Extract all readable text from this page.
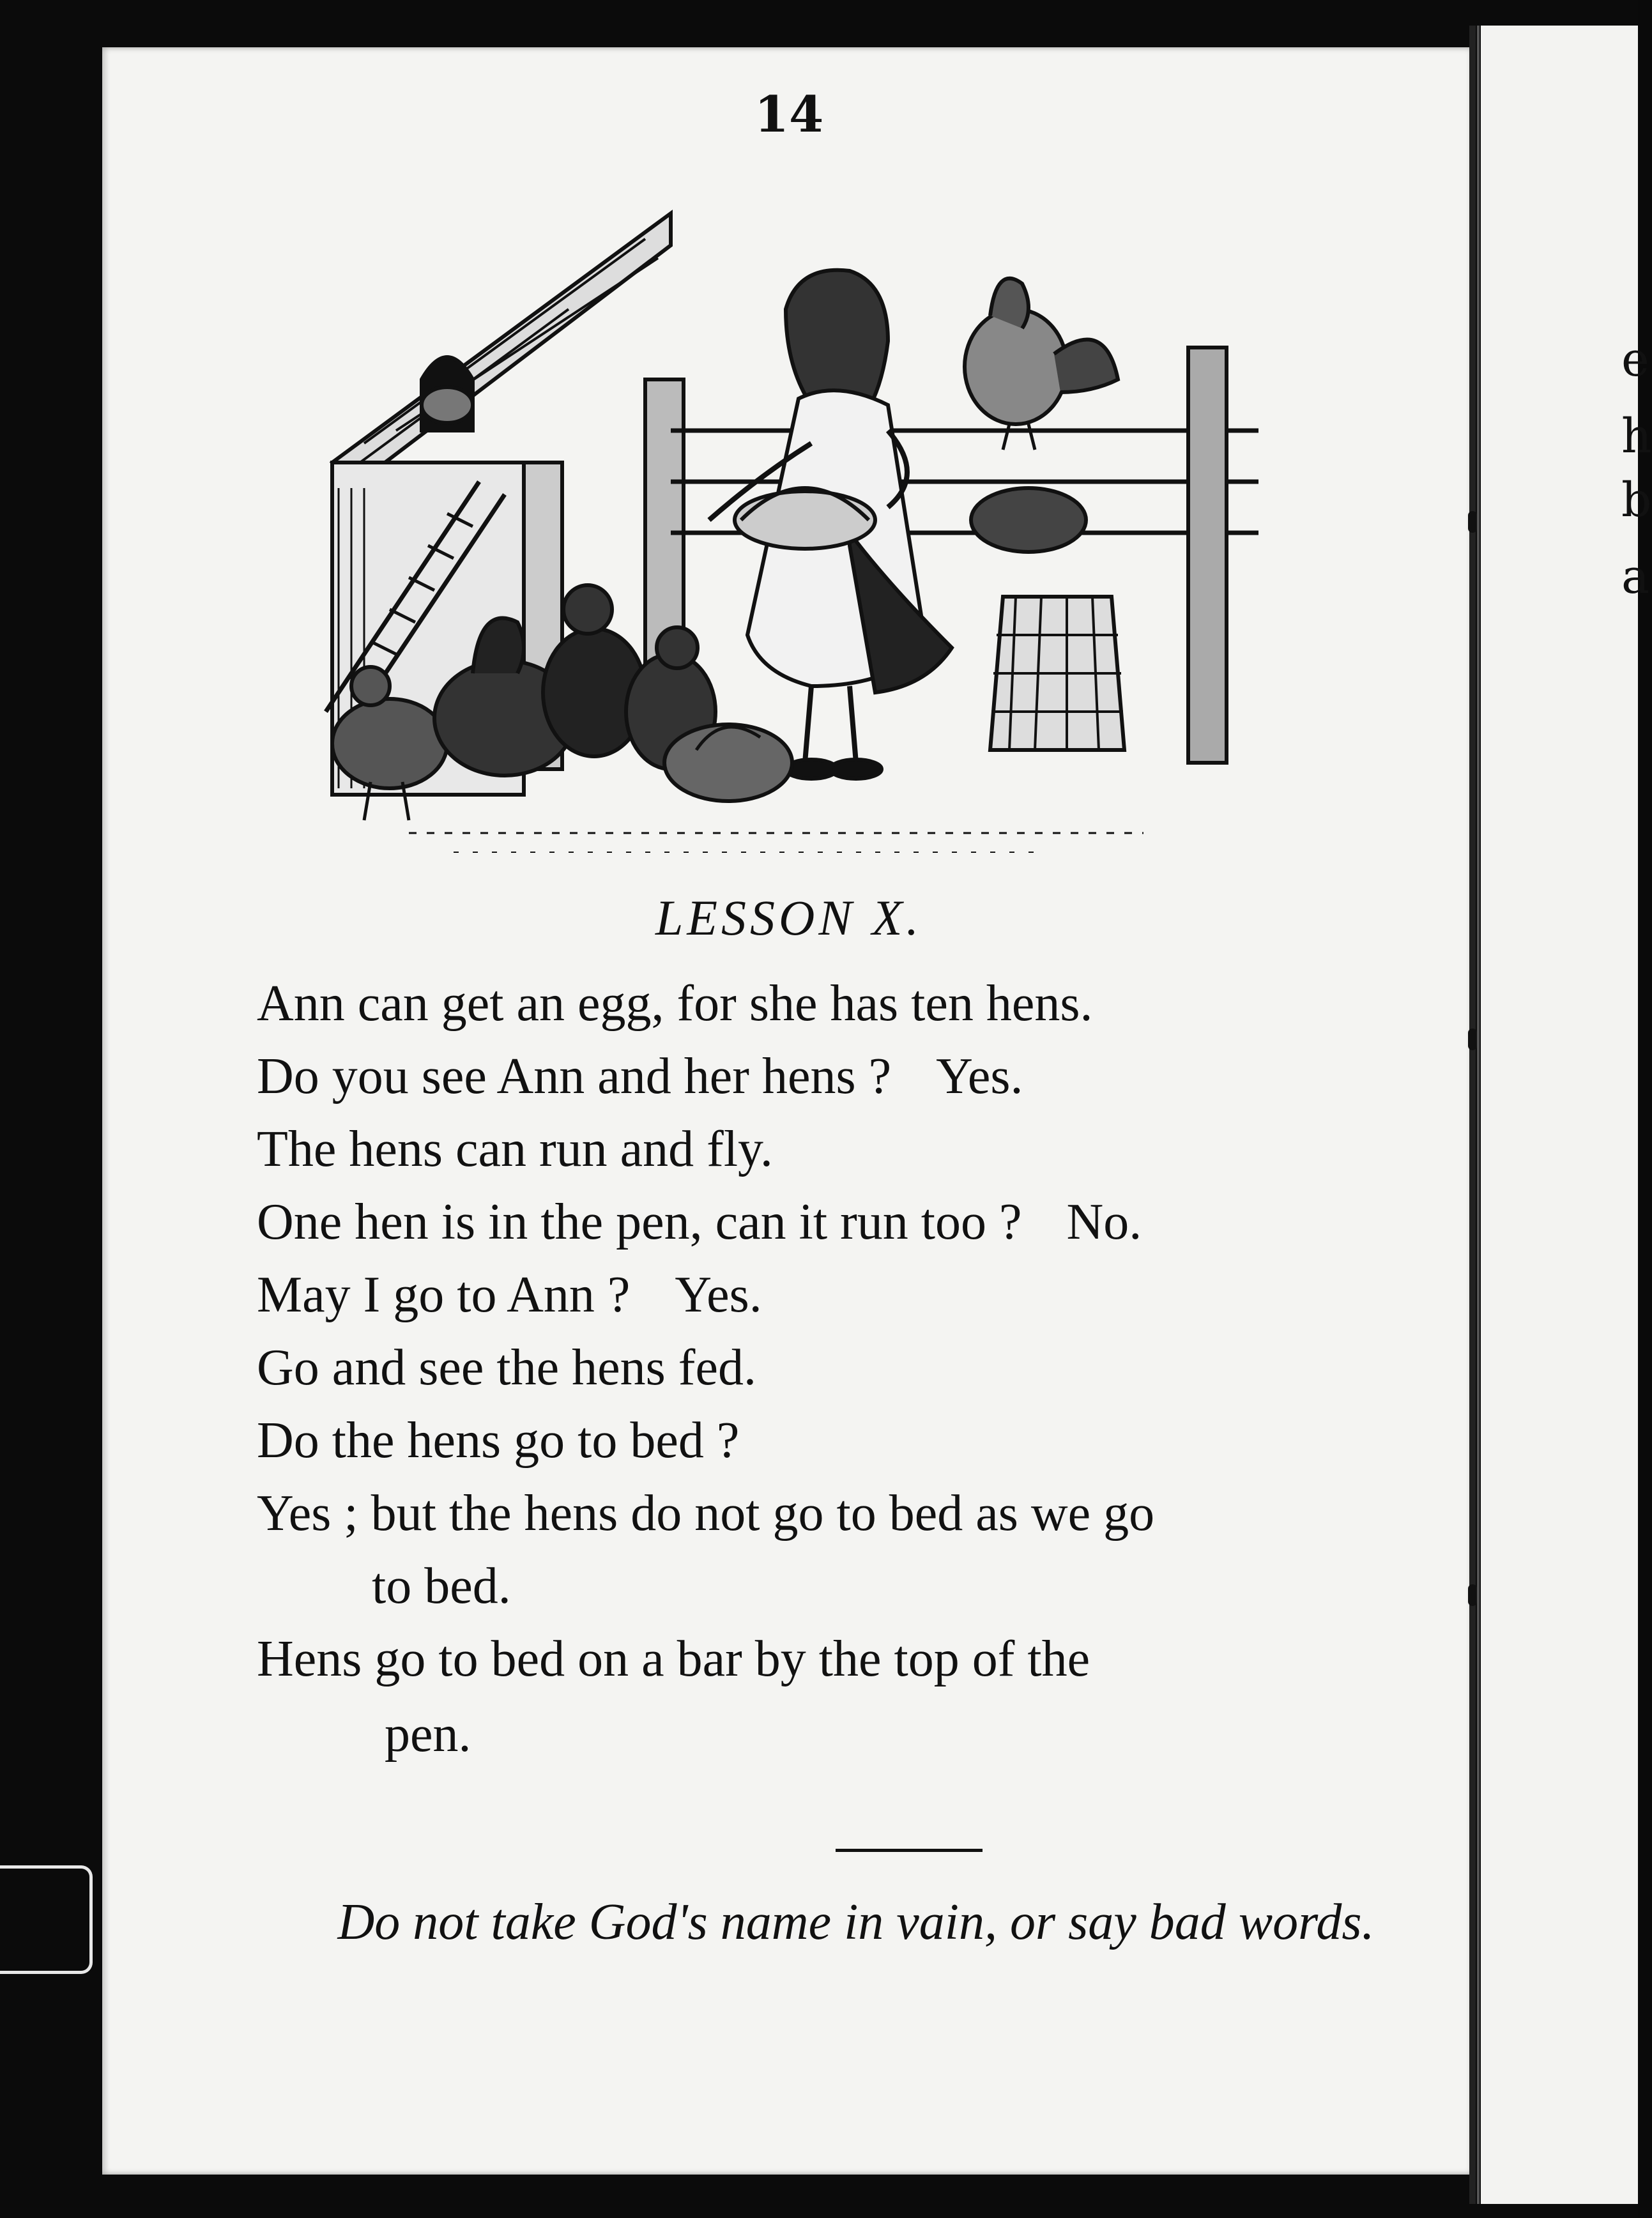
14
LESSON X.
Ann can get an egg, for she has ten hens.
Do you see Ann and her hens ? Yes.
The hens can run and fly.
One hen is in the pen, can it run too ? No.
May I go to Ann ? Yes.
Go and see the hens fed.
Do the hens go to bed ?
Yes ; but the hens do not go to bed as we go
to bed.
Hens go to bed on a bar by the top of the
pen.
Do not take God's name in vain, or say bad words.
e
h
b
a
